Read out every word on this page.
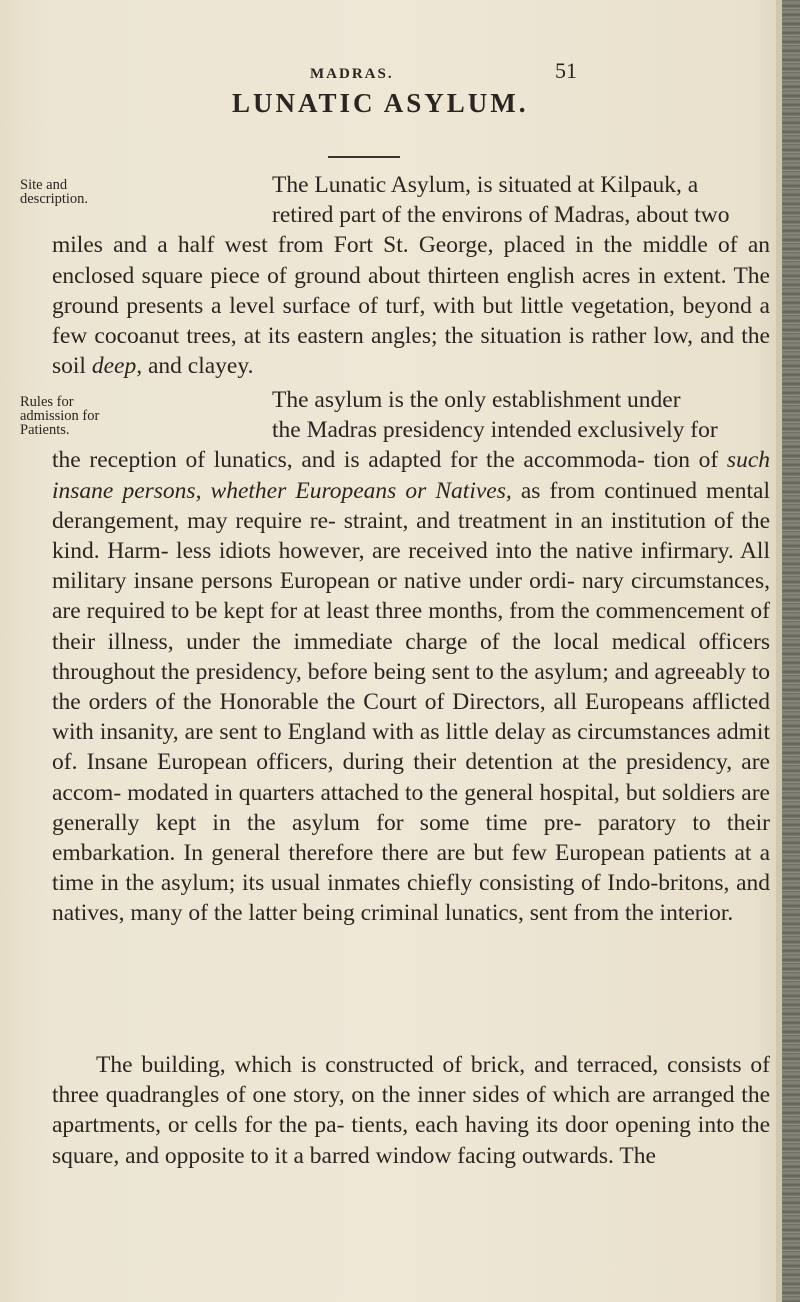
MADRAS.	51
LUNATIC ASYLUM.
Site and description.

The Lunatic Asylum, is situated at Kilpauk, a

retired part of the environs of Madras, about two

miles and a half west from Fort St. George, placed in the middle of an enclosed square piece of ground about thirteen english acres in extent. The ground presents a level surface of turf, with but little vegetation, beyond a few cocoanut trees, at its eastern angles; the situation is rather low, and the soil deep, and clayey.

Rules for admission for Patients.

The asylum is the only establishment under

the Madras presidency intended exclusively for

the reception of lunatics, and is adapted for the accommoda- tion of such insane persons, whether Europeans or Natives, as from continued mental derangement, may require re- straint, and treatment in an institution of the kind. Harm- less idiots however, are received into the native infirmary. All military insane persons European or native under ordi- nary circumstances, are required to be kept for at least three months, from the commencement of their illness, under the immediate charge of the local medical officers throughout the presidency, before being sent to the asylum; and agreeably to the orders of the Honorable the Court of Directors, all Europeans afflicted with insanity, are sent to England with as little delay as circumstances admit of. Insane European officers, during their detention at the presidency, are accom- modated in quarters attached to the general hospital, but soldiers are generally kept in the asylum for some time pre- paratory to their embarkation. In general therefore there are but few European patients at a time in the asylum; its usual inmates chiefly consisting of Indo-britons, and natives, many of the latter being criminal lunatics, sent from the interior.

The building, which is constructed of brick, and terraced, consists of three quadrangles of one story, on the inner sides of which are arranged the apartments, or cells for the pa- tients, each having its door opening into the square, and opposite to it a barred window facing outwards. The
